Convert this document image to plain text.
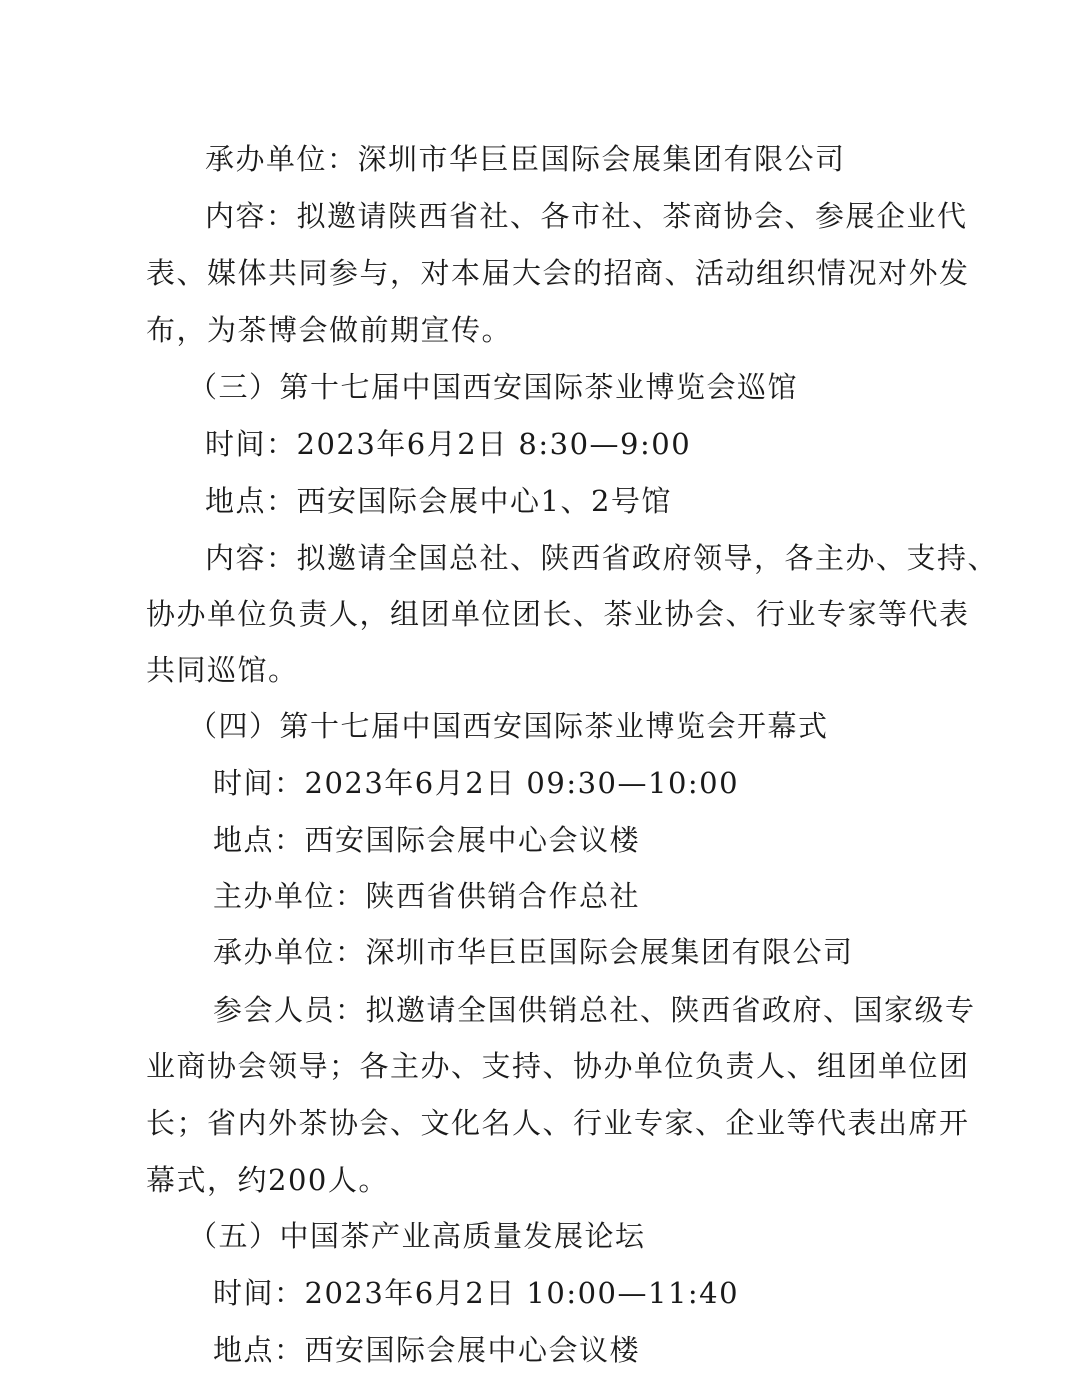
承办单位：深圳市华巨臣国际会展集团有限公司
内容：拟邀请陕西省社、各市社、茶商协会、参展企业代
表、媒体共同参与，对本届大会的招商、活动组织情况对外发
布，为茶博会做前期宣传。
（三）第十七届中国西安国际茶业博览会巡馆
时间：2023年6月2日 8:30—9:00
地点：西安国际会展中心1、2号馆
内容：拟邀请全国总社、陕西省政府领导，各主办、支持、
协办单位负责人，组团单位团长、茶业协会、行业专家等代表
共同巡馆。
（四）第十七届中国西安国际茶业博览会开幕式
时间：2023年6月2日 09:30—10:00
地点：西安国际会展中心会议楼
主办单位：陕西省供销合作总社
承办单位：深圳市华巨臣国际会展集团有限公司
参会人员：拟邀请全国供销总社、陕西省政府、国家级专
业商协会领导；各主办、支持、协办单位负责人、组团单位团
长；省内外茶协会、文化名人、行业专家、企业等代表出席开
幕式，约200人。
（五）中国茶产业高质量发展论坛
时间：2023年6月2日 10:00—11:40
地点：西安国际会展中心会议楼
